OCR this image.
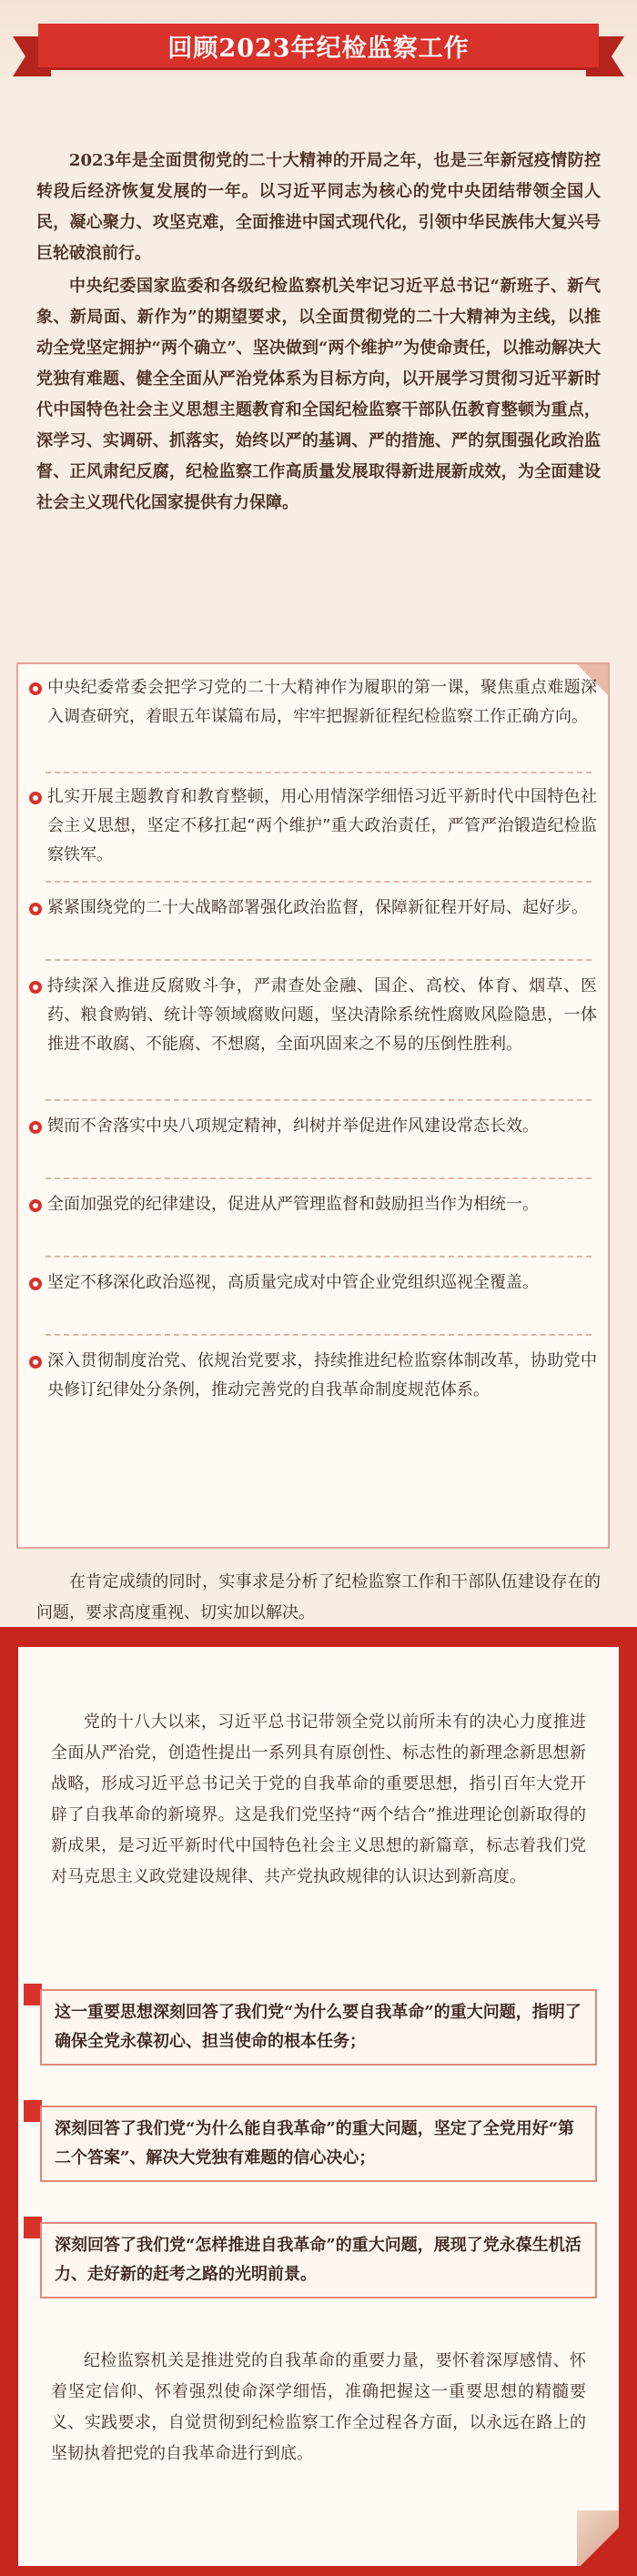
回顾2023年纪检监察工作

2023年是全面贯彻党的二十大精神的开局之年，也是三年新冠疫情防控转段后经济恢复发展的一年。以习近平同志为核心的党中央团结带领全国人民，凝心聚力、攻坚克难，全面推进中国式现代化，引领中华民族伟大复兴号巨轮破浪前行。

中央纪委国家监委和各级纪检监察机关牢记习近平总书记“新班子、新气象、新局面、新作为”的期望要求，以全面贯彻党的二十大精神为主线，以推动全党坚定拥护“两个确立”、坚决做到“两个维护”为使命责任，以推动解决大党独有难题、健全全面从严治党体系为目标方向，以开展学习贯彻习近平新时代中国特色社会主义思想主题教育和全国纪检监察干部队伍教育整顿为重点，深学习、实调研、抓落实，始终以严的基调、严的措施、严的氛围强化政治监督、正风肃纪反腐，纪检监察工作高质量发展取得新进展新成效，为全面建设社会主义现代化国家提供有力保障。

中央纪委常委会把学习党的二十大精神作为履职的第一课，聚焦重点难题深入调查研究，着眼五年谋篇布局，牢牢把握新征程纪检监察工作正确方向。

扎实开展主题教育和教育整顿，用心用情深学细悟习近平新时代中国特色社会主义思想，坚定不移扛起“两个维护”重大政治责任，严管严治锻造纪检监察铁军。

紧紧围绕党的二十大战略部署强化政治监督，保障新征程开好局、起好步。

持续深入推进反腐败斗争，严肃查处金融、国企、高校、体育、烟草、医药、粮食购销、统计等领域腐败问题，坚决清除系统性腐败风险隐患，一体推进不敢腐、不能腐、不想腐，全面巩固来之不易的压倒性胜利。

锲而不舍落实中央八项规定精神，纠树并举促进作风建设常态长效。

全面加强党的纪律建设，促进从严管理监督和鼓励担当作为相统一。

坚定不移深化政治巡视，高质量完成对中管企业党组织巡视全覆盖。

深入贯彻制度治党、依规治党要求，持续推进纪检监察体制改革，协助党中央修订纪律处分条例，推动完善党的自我革命制度规范体系。

在肯定成绩的同时，实事求是分析了纪检监察工作和干部队伍建设存在的问题，要求高度重视、切实加以解决。

党的十八大以来，习近平总书记带领全党以前所未有的决心力度推进全面从严治党，创造性提出一系列具有原创性、标志性的新理念新思想新战略，形成习近平总书记关于党的自我革命的重要思想，指引百年大党开辟了自我革命的新境界。这是我们党坚持“两个结合”推进理论创新取得的新成果，是习近平新时代中国特色社会主义思想的新篇章，标志着我们党对马克思主义政党建设规律、共产党执政规律的认识达到新高度。

这一重要思想深刻回答了我们党“为什么要自我革命”的重大问题，指明了确保全党永葆初心、担当使命的根本任务；

深刻回答了我们党“为什么能自我革命”的重大问题，坚定了全党用好“第二个答案”、解决大党独有难题的信心决心；

深刻回答了我们党“怎样推进自我革命”的重大问题，展现了党永葆生机活力、走好新的赶考之路的光明前景。

纪检监察机关是推进党的自我革命的重要力量，要怀着深厚感情、怀着坚定信仰、怀着强烈使命深学细悟，准确把握这一重要思想的精髓要义、实践要求，自觉贯彻到纪检监察工作全过程各方面，以永远在路上的坚韧执着把党的自我革命进行到底。
